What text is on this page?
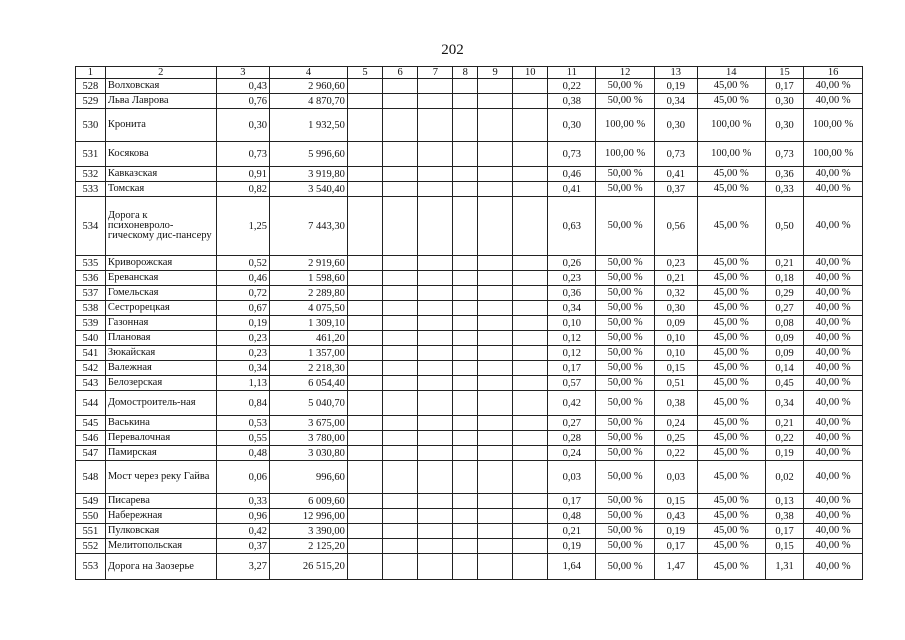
202
1	2	3	4	5	6	7	8	9	10	11	12	13	14	15	16
528	Волховская	0,43	2 960,60							0,22	50,00 %	0,19	45,00 %	0,17	40,00 %
529	Льва Лаврова	0,76	4 870,70							0,38	50,00 %	0,34	45,00 %	0,30	40,00 %
530	Кронита	0,30	1 932,50							0,30	100,00 %	0,30	100,00 %	0,30	100,00 %
531	Косякова	0,73	5 996,60							0,73	100,00 %	0,73	100,00 %	0,73	100,00 %
532	Кавказская	0,91	3 919,80							0,46	50,00 %	0,41	45,00 %	0,36	40,00 %
533	Томская	0,82	3 540,40							0,41	50,00 %	0,37	45,00 %	0,33	40,00 %
534	Дорога к психоневроло-гическому дис-пансеру	1,25	7 443,30							0,63	50,00 %	0,56	45,00 %	0,50	40,00 %
535	Криворожская	0,52	2 919,60							0,26	50,00 %	0,23	45,00 %	0,21	40,00 %
536	Ереванская	0,46	1 598,60							0,23	50,00 %	0,21	45,00 %	0,18	40,00 %
537	Гомельская	0,72	2 289,80							0,36	50,00 %	0,32	45,00 %	0,29	40,00 %
538	Сестрорецкая	0,67	4 075,50							0,34	50,00 %	0,30	45,00 %	0,27	40,00 %
539	Газонная	0,19	1 309,10							0,10	50,00 %	0,09	45,00 %	0,08	40,00 %
540	Плановая	0,23	461,20							0,12	50,00 %	0,10	45,00 %	0,09	40,00 %
541	Зюкайская	0,23	1 357,00							0,12	50,00 %	0,10	45,00 %	0,09	40,00 %
542	Валежная	0,34	2 218,30							0,17	50,00 %	0,15	45,00 %	0,14	40,00 %
543	Белозерская	1,13	6 054,40							0,57	50,00 %	0,51	45,00 %	0,45	40,00 %
544	Домостроитель-ная	0,84	5 040,70							0,42	50,00 %	0,38	45,00 %	0,34	40,00 %
545	Васькина	0,53	3 675,00							0,27	50,00 %	0,24	45,00 %	0,21	40,00 %
546	Перевалочная	0,55	3 780,00							0,28	50,00 %	0,25	45,00 %	0,22	40,00 %
547	Памирская	0,48	3 030,80							0,24	50,00 %	0,22	45,00 %	0,19	40,00 %
548	Мост через реку Гайва	0,06	996,60							0,03	50,00 %	0,03	45,00 %	0,02	40,00 %
549	Писарева	0,33	6 009,60							0,17	50,00 %	0,15	45,00 %	0,13	40,00 %
550	Набережная	0,96	12 996,00							0,48	50,00 %	0,43	45,00 %	0,38	40,00 %
551	Пулковская	0,42	3 390,00							0,21	50,00 %	0,19	45,00 %	0,17	40,00 %
552	Мелитопольская	0,37	2 125,20							0,19	50,00 %	0,17	45,00 %	0,15	40,00 %
553	Дорога на Заозерье	3,27	26 515,20							1,64	50,00 %	1,47	45,00 %	1,31	40,00 %
